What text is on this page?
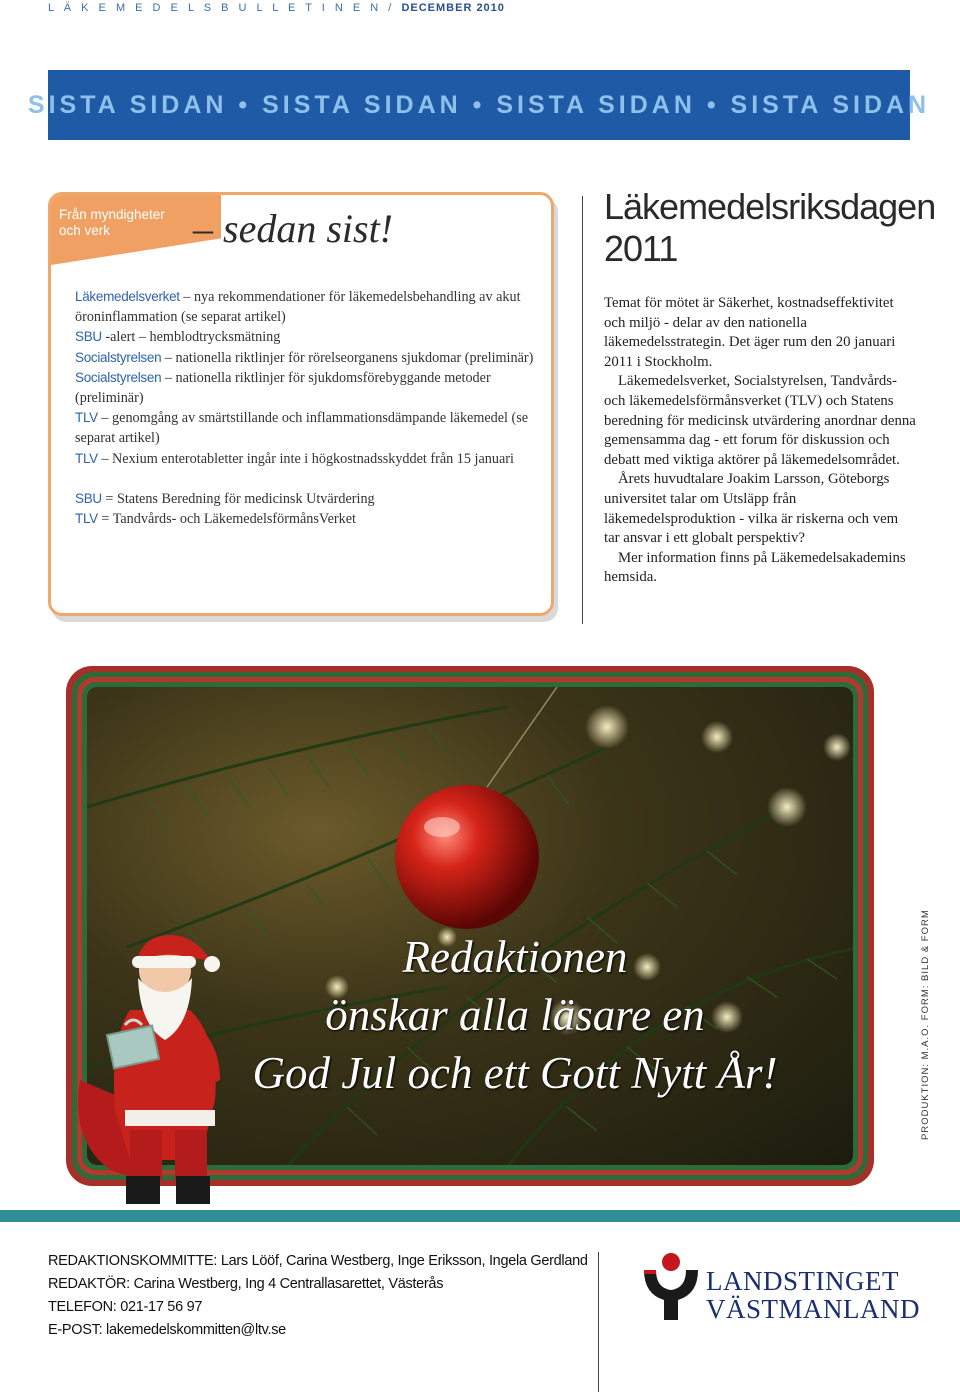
L Ä K E M E D E L S B U L L E T I N E N / DECEMBER 2010
SISTA SIDAN • SISTA SIDAN • SISTA SIDAN • SISTA SIDAN
Från myndigheter
och verk	– sedan sist!

Läkemedelsverket – nya rekommendationer för läkemedelsbehandling av akut öroninflammation (se separat artikel)

SBU -alert – hemblodtrycksmätning

Socialstyrelsen – nationella riktlinjer för rörelseorganens sjukdomar (preliminär)

Socialstyrelsen – nationella riktlinjer för sjukdomsförebyggande metoder (preliminär)

TLV – genomgång av smärtstillande och inflammationsdämpande läkemedel (se separat artikel)

TLV – Nexium enterotabletter ingår inte i högkostnadsskyddet från 15 januari

SBU = Statens Beredning för medicinsk Utvärdering

TLV = Tandvårds- och LäkemedelsförmånsVerket

Läkemedelsriksdagen
2011

Temat för mötet är Säkerhet, kostnadseffektivitet och miljö - delar av den nationella läkemedelsstrategin. Det äger rum den 20 januari 2011 i Stockholm.

Läkemedelsverket, Socialstyrelsen, Tandvårds- och läkemedelsförmånsverket (TLV) och Statens beredning för medicinsk utvärdering anordnar denna gemensamma dag - ett forum för diskussion och debatt med viktiga aktörer på läkemedelsområdet.

Årets huvudtalare Joakim Larsson, Göteborgs universitet talar om Utsläpp från läkemedelsproduktion - vilka är riskerna och vem tar ansvar i ett globalt perspektiv?

Mer information finns på Läkemedelsakademins hemsida.

Redaktionen
önskar alla läsare en
God Jul och ett Gott Nytt År!	PRODUKTION: M.A.O. FORM: BILD & FORM
REDAKTIONSKOMMITTE: Lars Lööf, Carina Westberg, Inge Eriksson, Ingela Gerdland
REDAKTÖR: Carina Westberg, Ing 4 Centrallasarettet, Västerås
TELEFON: 021-17 56 97
E-POST: lakemedelskommitten@ltv.se
LANDSTINGET
VÄSTMANLAND
